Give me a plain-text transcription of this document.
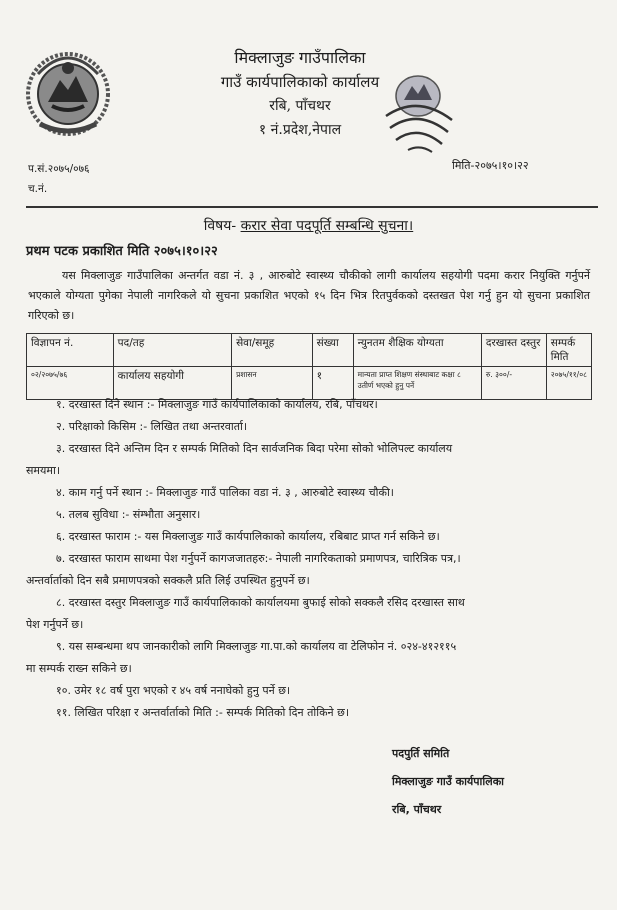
मिक्लाजुङ गाउँपालिका
गाउँ कार्यपालिकाको कार्यालय
रबि, पाँचथर
१ नं.प्रदेश,नेपाल
प.सं.२०७५/०७६
च.नं.
मिति-२०७५।१०।२२
विषय- करार सेवा पदपूर्ति सम्बन्धि सुचना।
प्रथम पटक प्रकाशित मिति २०७५।१०।२२
यस मिक्लाजुङ गाउँपालिका अन्तर्गत वडा नं. ३ , आरुबोटे स्वास्थ्य चौकीको लागी कार्यालय सहयोगी पदमा करार नियुक्ति गर्नुपर्ने भएकाले योग्यता पुगेका नेपाली नागरिकले यो सुचना प्रकाशित भएको १५ दिन भित्र रितपुर्वकको दस्तखत पेश गर्नु हुन यो सुचना प्रकाशित गरिएको छ।
विज्ञापन नं.	पद/तह	सेवा/समूह	संख्या	न्युनतम शैक्षिक योग्यता	दरखास्त दस्तुर	सम्पर्क मिति
०२/२०७५/७६	कार्यालय सहयोगी	प्रशासन	१	मान्यता प्राप्त शिक्षण संस्थाबाट कक्षा ८ उतीर्ण भएको हुनु पर्ने	रु. ३००/-	२०७५/११/०८
१. दरखास्त दिने स्थान :- मिक्लाजुङ गाउँ कार्यपालिकाको कार्यालय, रबि, पाँचथर।
२. परिक्षाको किसिम :- लिखित तथा अन्तरवार्ता।
३. दरखास्त दिने अन्तिम दिन र सम्पर्क मितिको दिन सार्वजनिक बिदा परेमा सोको भोलिपल्ट कार्यालय
समयमा।
४. काम गर्नु पर्ने स्थान :- मिक्लाजुङ गाउँ पालिका वडा नं. ३ , आरुबोटे स्वास्थ्य चौकी।
५. तलब सुविधा :- संम्भौता अनुसार।
६. दरखास्त फाराम :- यस मिक्लाजुङ गाउँ कार्यपालिकाको कार्यालय, रबिबाट प्राप्त गर्न सकिने छ।
७. दरखास्त फाराम साथमा पेश गर्नुपर्ने कागजजातहरु:- नेपाली नागरिकताको प्रमाणपत्र, चारित्रिक पत्र,।
अन्तर्वार्ताको दिन सबै प्रमाणपत्रको सक्कलै प्रति लिई उपस्थित हुनुपर्ने छ।
८. दरखास्त दस्तुर मिक्लाजुङ गाउँ कार्यपालिकाको कार्यालयमा बुफाई सोको सक्कलै रसिद दरखास्त साथ
पेश गर्नुपर्ने छ।
९. यस सम्बन्धमा थप जानकारीको लागि मिक्लाजुङ गा.पा.को कार्यालय वा टेलिफोन नं. ०२४-४१२११५
मा सम्पर्क राख्न सकिने छ।
१०. उमेर १८ वर्ष पुरा भएको र ४५ वर्ष ननाघेको हुनु पर्ने छ।
११. लिखित परिक्षा र अन्तर्वार्ताको मिति :- सम्पर्क मितिको दिन तोकिने छ।
पदपुर्ति समिति
मिक्लाजुङ गाउँ कार्यपालिका
रबि, पाँचथर
